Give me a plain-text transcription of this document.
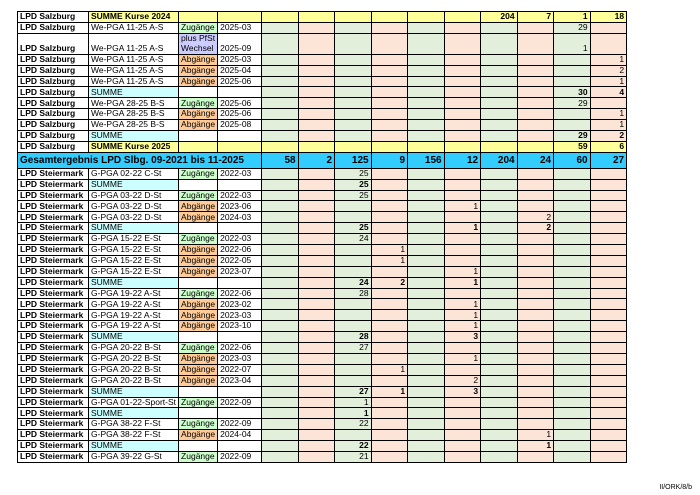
LPD Salzburg	SUMME Kurse 2024									204	7	1	18
LPD Salzburg	We-PGA 11-25 A-S	Zugänge	2025-03									29	
LPD Salzburg	We-PGA 11-25 A-S	plus PfSt Wechsel	2025-09									1	
LPD Salzburg	We-PGA 11-25 A-S	Abgänge	2025-03										1
LPD Salzburg	We-PGA 11-25 A-S	Abgänge	2025-04										2
LPD Salzburg	We-PGA 11-25 A-S	Abgänge	2025-06										1
LPD Salzburg	SUMME											30	4
LPD Salzburg	We-PGA 28-25 B-S	Zugänge	2025-06									29	
LPD Salzburg	We-PGA 28-25 B-S	Abgänge	2025-06										1
LPD Salzburg	We-PGA 28-25 B-S	Abgänge	2025-08										1
LPD Salzburg	SUMME											29	2
LPD Salzburg	SUMME Kurse 2025											59	6
Gesamtergebnis LPD Slbg. 09-2021 bis 11-2025				58	2	125	9	156	12	204	24	60	27
LPD Steiermark	G-PGA 02-22 C-St	Zugänge	2022-03			25							
LPD Steiermark	SUMME					25							
LPD Steiermark	G-PGA 03-22 D-St	Zugänge	2022-03			25							
LPD Steiermark	G-PGA 03-22 D-St	Abgänge	2023-06						1				
LPD Steiermark	G-PGA 03-22 D-St	Abgänge	2024-03								2		
LPD Steiermark	SUMME					25			1		2		
LPD Steiermark	G-PGA 15-22 E-St	Zugänge	2022-03			24							
LPD Steiermark	G-PGA 15-22 E-St	Abgänge	2022-06				1						
LPD Steiermark	G-PGA 15-22 E-St	Abgänge	2022-05				1						
LPD Steiermark	G-PGA 15-22 E-St	Abgänge	2023-07						1				
LPD Steiermark	SUMME					24	2		1				
LPD Steiermark	G-PGA 19-22 A-St	Zugänge	2022-06			28							
LPD Steiermark	G-PGA 19-22 A-St	Abgänge	2023-02						1				
LPD Steiermark	G-PGA 19-22 A-St	Abgänge	2023-03						1				
LPD Steiermark	G-PGA 19-22 A-St	Abgänge	2023-10						1				
LPD Steiermark	SUMME					28			3				
LPD Steiermark	G-PGA 20-22 B-St	Zugänge	2022-06			27							
LPD Steiermark	G-PGA 20-22 B-St	Abgänge	2023-03						1				
LPD Steiermark	G-PGA 20-22 B-St	Abgänge	2022-07				1						
LPD Steiermark	G-PGA 20-22 B-St	Abgänge	2023-04						2				
LPD Steiermark	SUMME					27	1		3				
LPD Steiermark	G-PGA 01-22-Sport-St	Zugänge	2022-09			1							
LPD Steiermark	SUMME					1							
LPD Steiermark	G-PGA 38-22 F-St	Zugänge	2022-09			22							
LPD Steiermark	G-PGA 38-22 F-St	Abgänge	2024-04								1		
LPD Steiermark	SUMME					22					1		
LPD Steiermark	G-PGA 39-22 G-St	Zugänge	2022-09			21							
II/ORK/8/b
